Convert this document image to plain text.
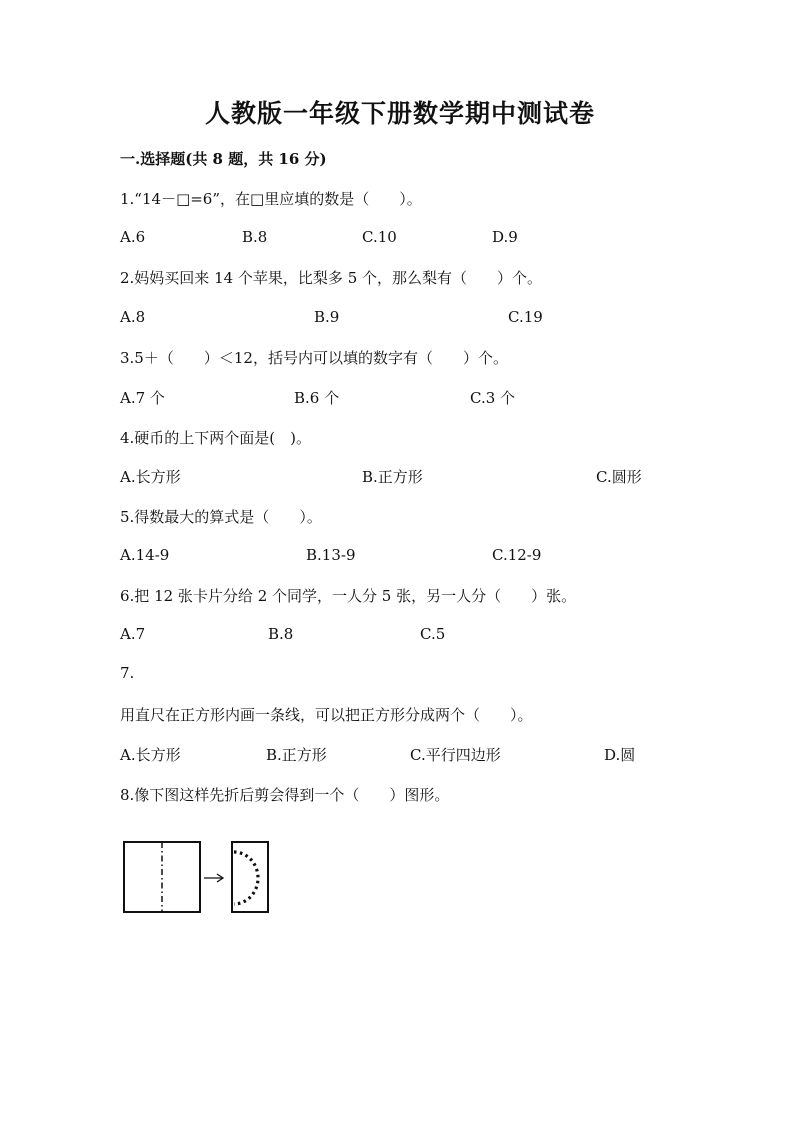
人教版一年级下册数学期中测试卷
一.选择题(共 8 题，共 16 分)
1.“14－□=6”，在□里应填的数是（　　）。
A.6	B.8	C.10	D.9
2.妈妈买回来 14 个苹果，比梨多 5 个，那么梨有（　　）个。
A.8	B.9	C.19
3.5＋（　　）＜12，括号内可以填的数字有（　　）个。
A.7 个	B.6 个	C.3 个
4.硬币的上下两个面是(　)。
A.长方形	B.正方形	C.圆形
5.得数最大的算式是（　　）。
A.14-9	B.13-9	C.12-9
6.把 12 张卡片分给 2 个同学，一人分 5 张，另一人分（　　）张。
A.7	B.8	C.5
7.
用直尺在正方形内画一条线，可以把正方形分成两个（　　）。
A.长方形	B.正方形	C.平行四边形	D.圆
8.像下图这样先折后剪会得到一个（　　）图形。
